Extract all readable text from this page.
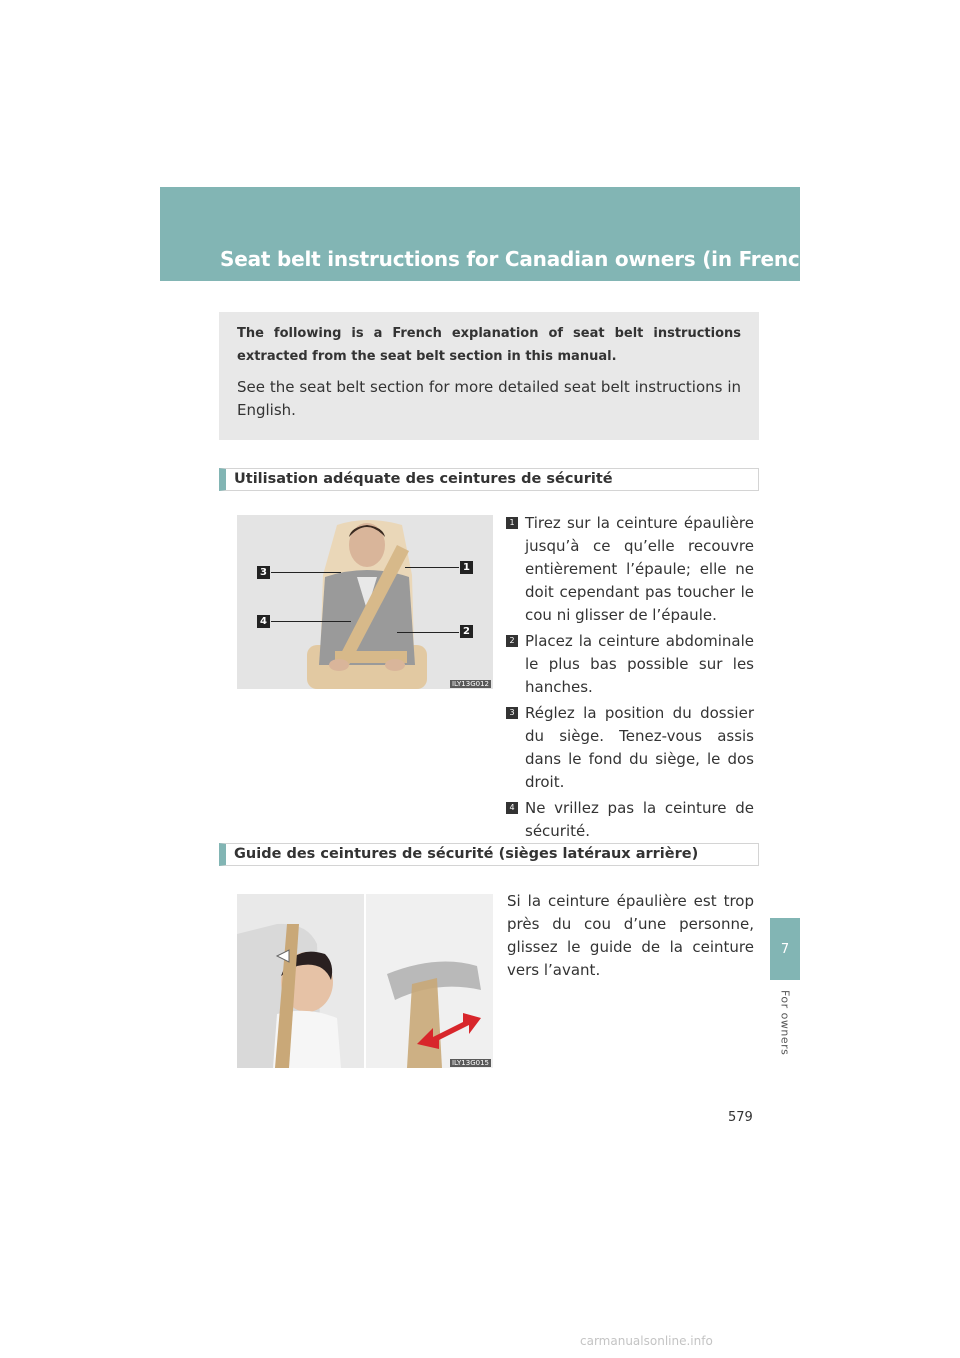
Seat belt instructions for Canadian owners (in French)
7
For owners

The following is a French explanation of seat belt instructions extracted from the seat belt section in this manual.

See the seat belt section for more detailed seat belt instructions in English.

Utilisation adéquate des ceintures de sécurité
3
4
1
2
ILY13G012
1 Tirez sur la ceinture épaulière jusqu’à ce qu’elle recouvre entièrement l’épaule; elle ne doit cependant pas toucher le cou ni glisser de l’épaule.
2 Placez la ceinture abdominale le plus bas possible sur les hanches.
3 Réglez la position du dossier du siège. Tenez-vous assis dans le fond du siège, le dos droit.
4 Ne vrillez pas la ceinture de sécurité.
Guide des ceintures de sécurité (sièges latéraux arrière)
ILY13G015

Si la ceinture épaulière est trop près du cou d’une personne, glissez le guide de la ceinture vers l’avant.

579
carmanualsonline.info
